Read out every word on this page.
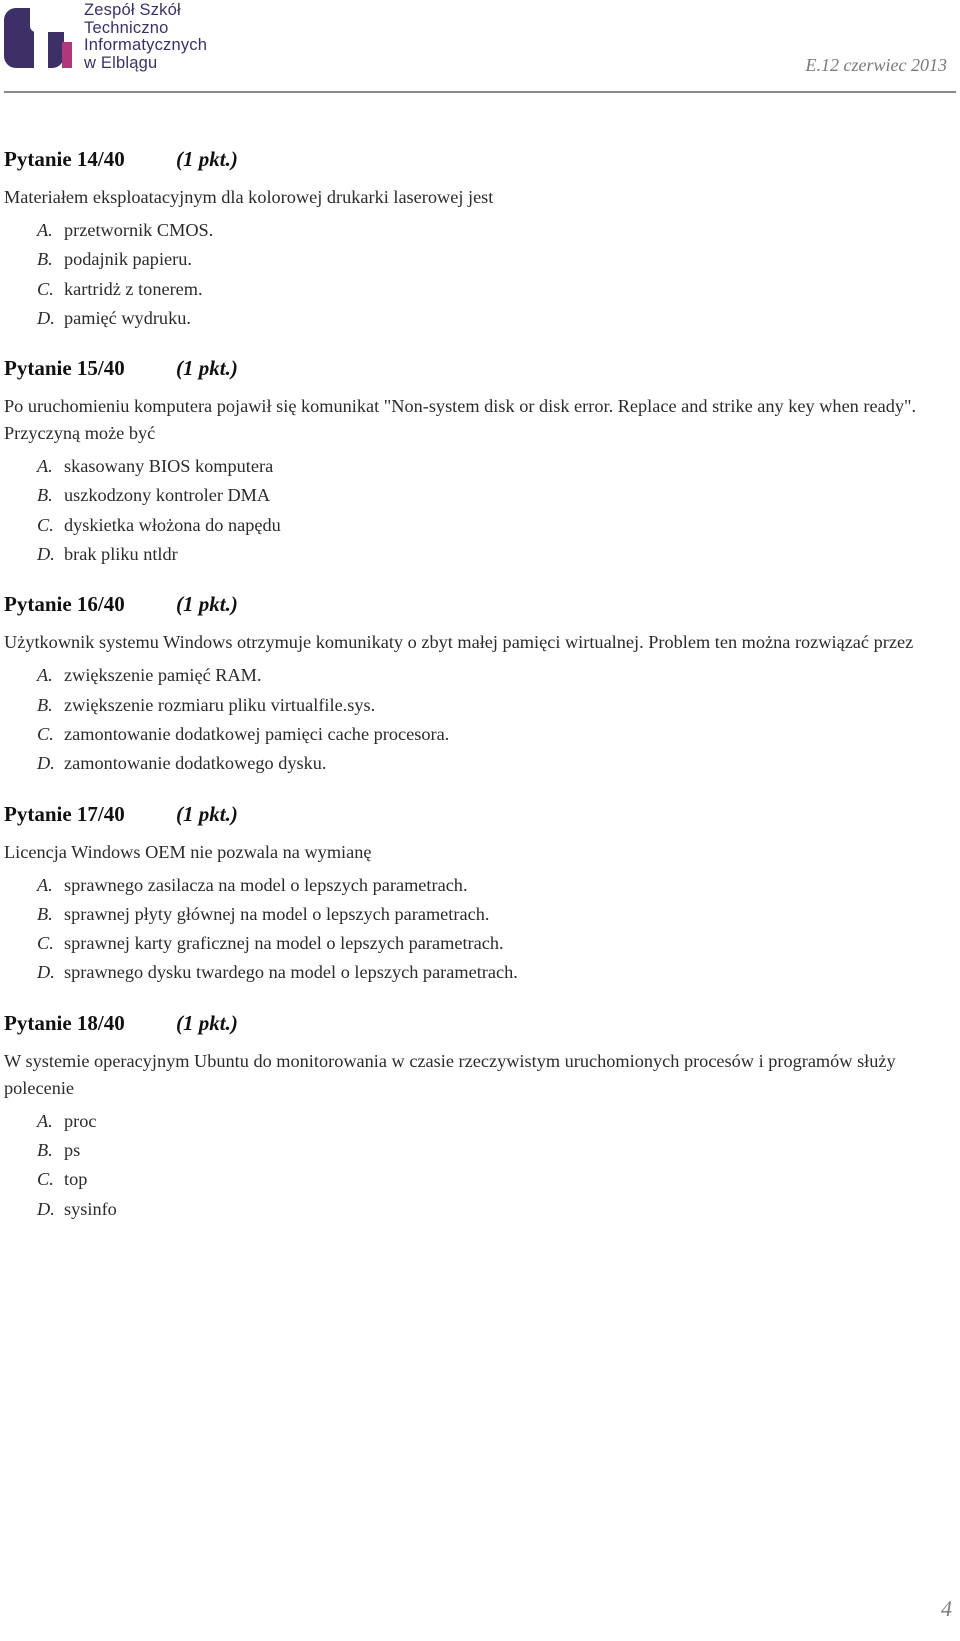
Zespół Szkół
Techniczno
Informatycznych
w Elblągu	E.12 czerwiec 2013
Pytanie 14/40 (1 pkt.)
Materiałem eksploatacyjnym dla kolorowej drukarki laserowej jest
A. przetwornik CMOS.
B. podajnik papieru.
C. kartridż z tonerem.
D. pamięć wydruku.
Pytanie 15/40 (1 pkt.)
Po uruchomieniu komputera pojawił się komunikat "Non-system disk or disk error. Replace and strike any key when ready". Przyczyną może być
A. skasowany BIOS komputera
B. uszkodzony kontroler DMA
C. dyskietka włożona do napędu
D. brak pliku ntldr
Pytanie 16/40 (1 pkt.)
Użytkownik systemu Windows otrzymuje komunikaty o zbyt małej pamięci wirtualnej. Problem ten można rozwiązać przez
A. zwiększenie pamięć RAM.
B. zwiększenie rozmiaru pliku virtualfile.sys.
C. zamontowanie dodatkowej pamięci cache procesora.
D. zamontowanie dodatkowego dysku.
Pytanie 17/40 (1 pkt.)
Licencja Windows OEM nie pozwala na wymianę
A. sprawnego zasilacza na model o lepszych parametrach.
B. sprawnej płyty głównej na model o lepszych parametrach.
C. sprawnej karty graficznej na model o lepszych parametrach.
D. sprawnego dysku twardego na model o lepszych parametrach.
Pytanie 18/40 (1 pkt.)
W systemie operacyjnym Ubuntu do monitorowania w czasie rzeczywistym uruchomionych procesów i programów służy polecenie
A. proc
B. ps
C. top
D. sysinfo
4
